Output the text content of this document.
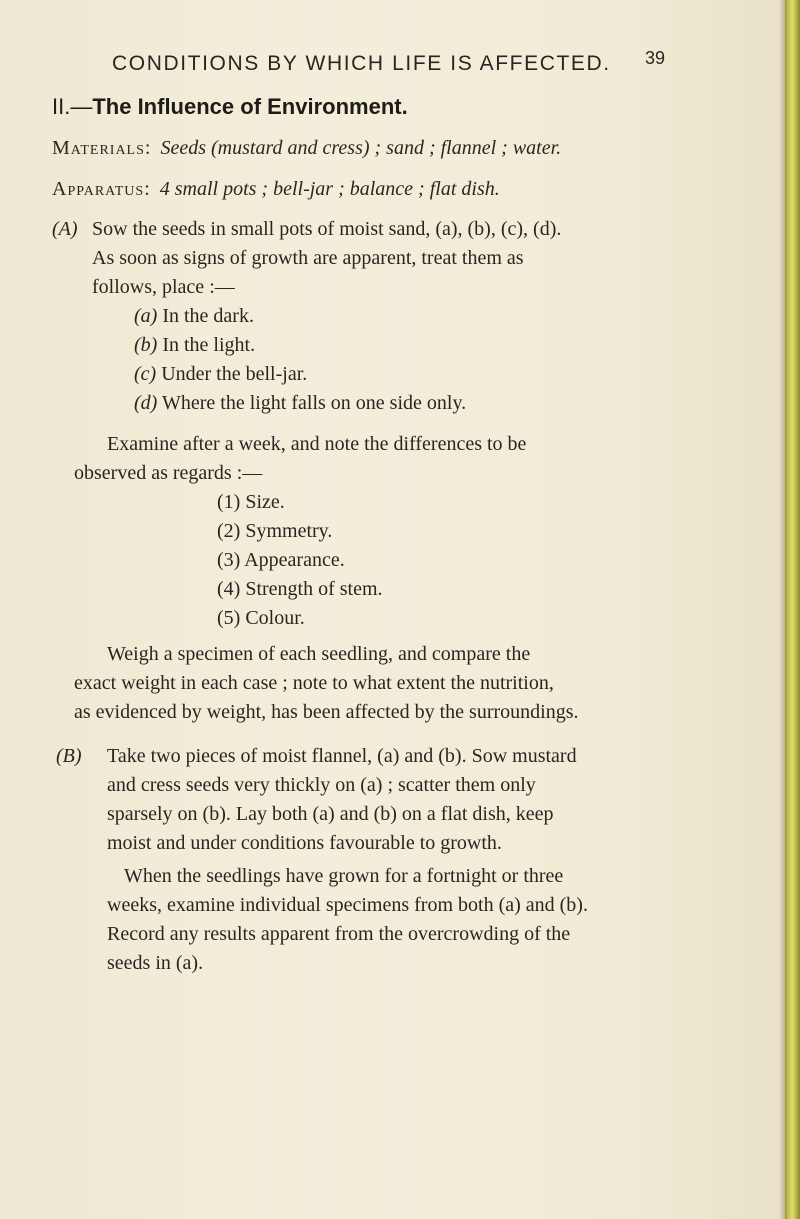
CONDITIONS BY WHICH LIFE IS AFFECTED. 39
II.—The Influence of Environment.
Materials: Seeds (mustard and cress) ; sand ; flannel ; water.
Apparatus: 4 small pots ; bell-jar ; balance ; flat dish.
(A) Sow the seeds in small pots of moist sand, (a), (b), (c), (d).
As soon as signs of growth are apparent, treat them as
follows, place :—
(a) In the dark.
(b) In the light.
(c) Under the bell-jar.
(d) Where the light falls on one side only.
Examine after a week, and note the differences to be
observed as regards :—
(1) Size.
(2) Symmetry.
(3) Appearance.
(4) Strength of stem.
(5) Colour.
Weigh a specimen of each seedling, and compare the
exact weight in each case ; note to what extent the nutrition,
as evidenced by weight, has been affected by the surroundings.
(B) Take two pieces of moist flannel, (a) and (b). Sow mustard
and cress seeds very thickly on (a) ; scatter them only
sparsely on (b). Lay both (a) and (b) on a flat dish, keep
moist and under conditions favourable to growth.
When the seedlings have grown for a fortnight or three
weeks, examine individual specimens from both (a) and (b).
Record any results apparent from the overcrowding of the
seeds in (a).
